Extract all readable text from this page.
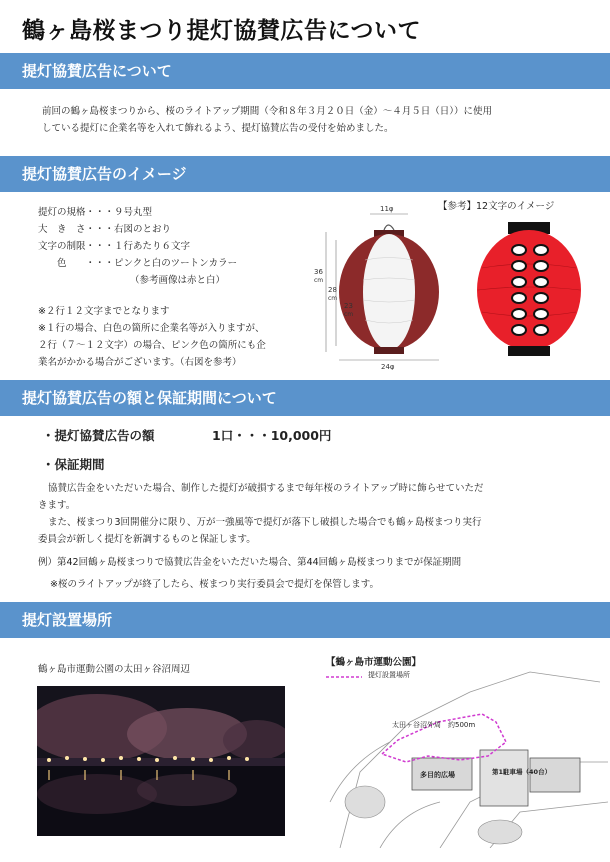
鶴ヶ島桜まつり提灯協賛広告について
提灯協賛広告について
前回の鶴ヶ島桜まつりから、桜のライトアップ期間（令和８年３月２０日（金）～４月５日（日））に使用
している提灯に企業名等を入れて飾れるよう、提灯協賛広告の受付を始めました。
提灯協賛広告のイメージ
提灯の規格・・・９号丸型
大　き　さ・・・右図のとおり
文字の制限・・・１行あたり６文字
　　色　　・・・ピンクと白のツートンカラー
（参考画像は赤と白）
※２行１２文字までとなります
※１行の場合、白色の箇所に企業名等が入りますが、
２行（７～１２文字）の場合、ピンク色の箇所にも企
業名がかかる場合がございます。（右図を参考）
11φ
36
cm
28
cm
23
cm
24φ
【参考】12文字のイメージ
提灯協賛広告の額と保証期間について
・提灯協賛広告の額	1口・・・10,000円
・保証期間
協賛広告金をいただいた場合、制作した提灯が破損するまで毎年桜のライトアップ時に飾らせていただ
きます。
また、桜まつり3回開催分に限り、万が一強風等で提灯が落下し破損した場合でも鶴ヶ島桜まつり実行
委員会が新しく提灯を新調するものと保証します。
例）第42回鶴ヶ島桜まつりで協賛広告金をいただいた場合、第44回鶴ヶ島桜まつりまでが保証期間
※桜のライトアップが終了したら、桜まつり実行委員会で提灯を保管します。
提灯設置場所
鶴ヶ島市運動公園の太田ヶ谷沼周辺
【鶴ヶ島市運動公園】
提灯設置場所
太田ヶ谷沼外周　約500m
多目的広場	第1駐車場（40台）
